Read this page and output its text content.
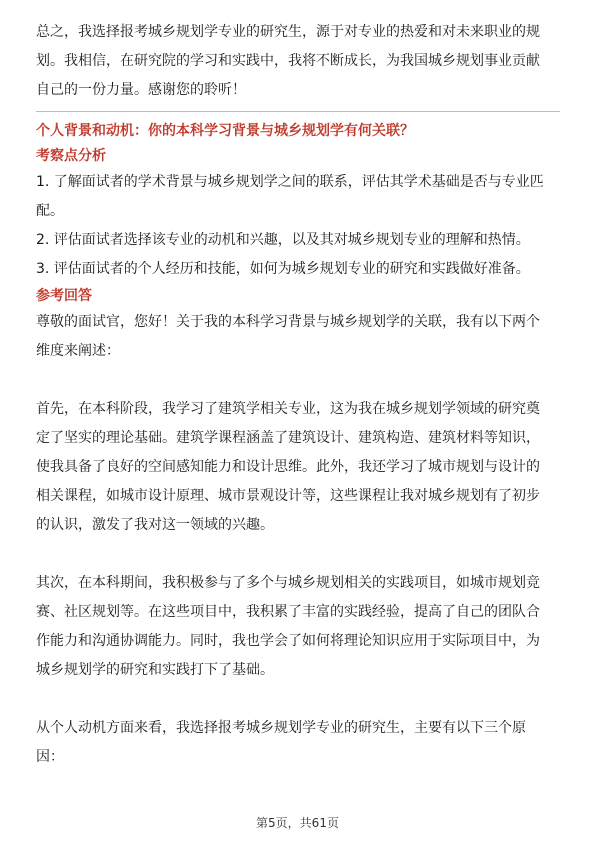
总之，我选择报考城乡规划学专业的研究生，源于对专业的热爱和对未来职业的规

划。我相信，在研究院的学习和实践中，我将不断成长，为我国城乡规划事业贡献

自己的一份力量。感谢您的聆听！

个人背景和动机：你的本科学习背景与城乡规划学有何关联？

考察点分析

1. 了解面试者的学术背景与城乡规划学之间的联系，评估其学术基础是否与专业匹

配。

2. 评估面试者选择该专业的动机和兴趣，以及其对城乡规划专业的理解和热情。

3. 评估面试者的个人经历和技能，如何为城乡规划专业的研究和实践做好准备。

参考回答

尊敬的面试官，您好！关于我的本科学习背景与城乡规划学的关联，我有以下两个

维度来阐述：

首先，在本科阶段，我学习了建筑学相关专业，这为我在城乡规划学领域的研究奠

定了坚实的理论基础。建筑学课程涵盖了建筑设计、建筑构造、建筑材料等知识，

使我具备了良好的空间感知能力和设计思维。此外，我还学习了城市规划与设计的

相关课程，如城市设计原理、城市景观设计等，这些课程让我对城乡规划有了初步

的认识，激发了我对这一领域的兴趣。

其次，在本科期间，我积极参与了多个与城乡规划相关的实践项目，如城市规划竞

赛、社区规划等。在这些项目中，我积累了丰富的实践经验，提高了自己的团队合

作能力和沟通协调能力。同时，我也学会了如何将理论知识应用于实际项目中，为

城乡规划学的研究和实践打下了基础。

从个人动机方面来看，我选择报考城乡规划学专业的研究生，主要有以下三个原

因：

第5页，共61页
